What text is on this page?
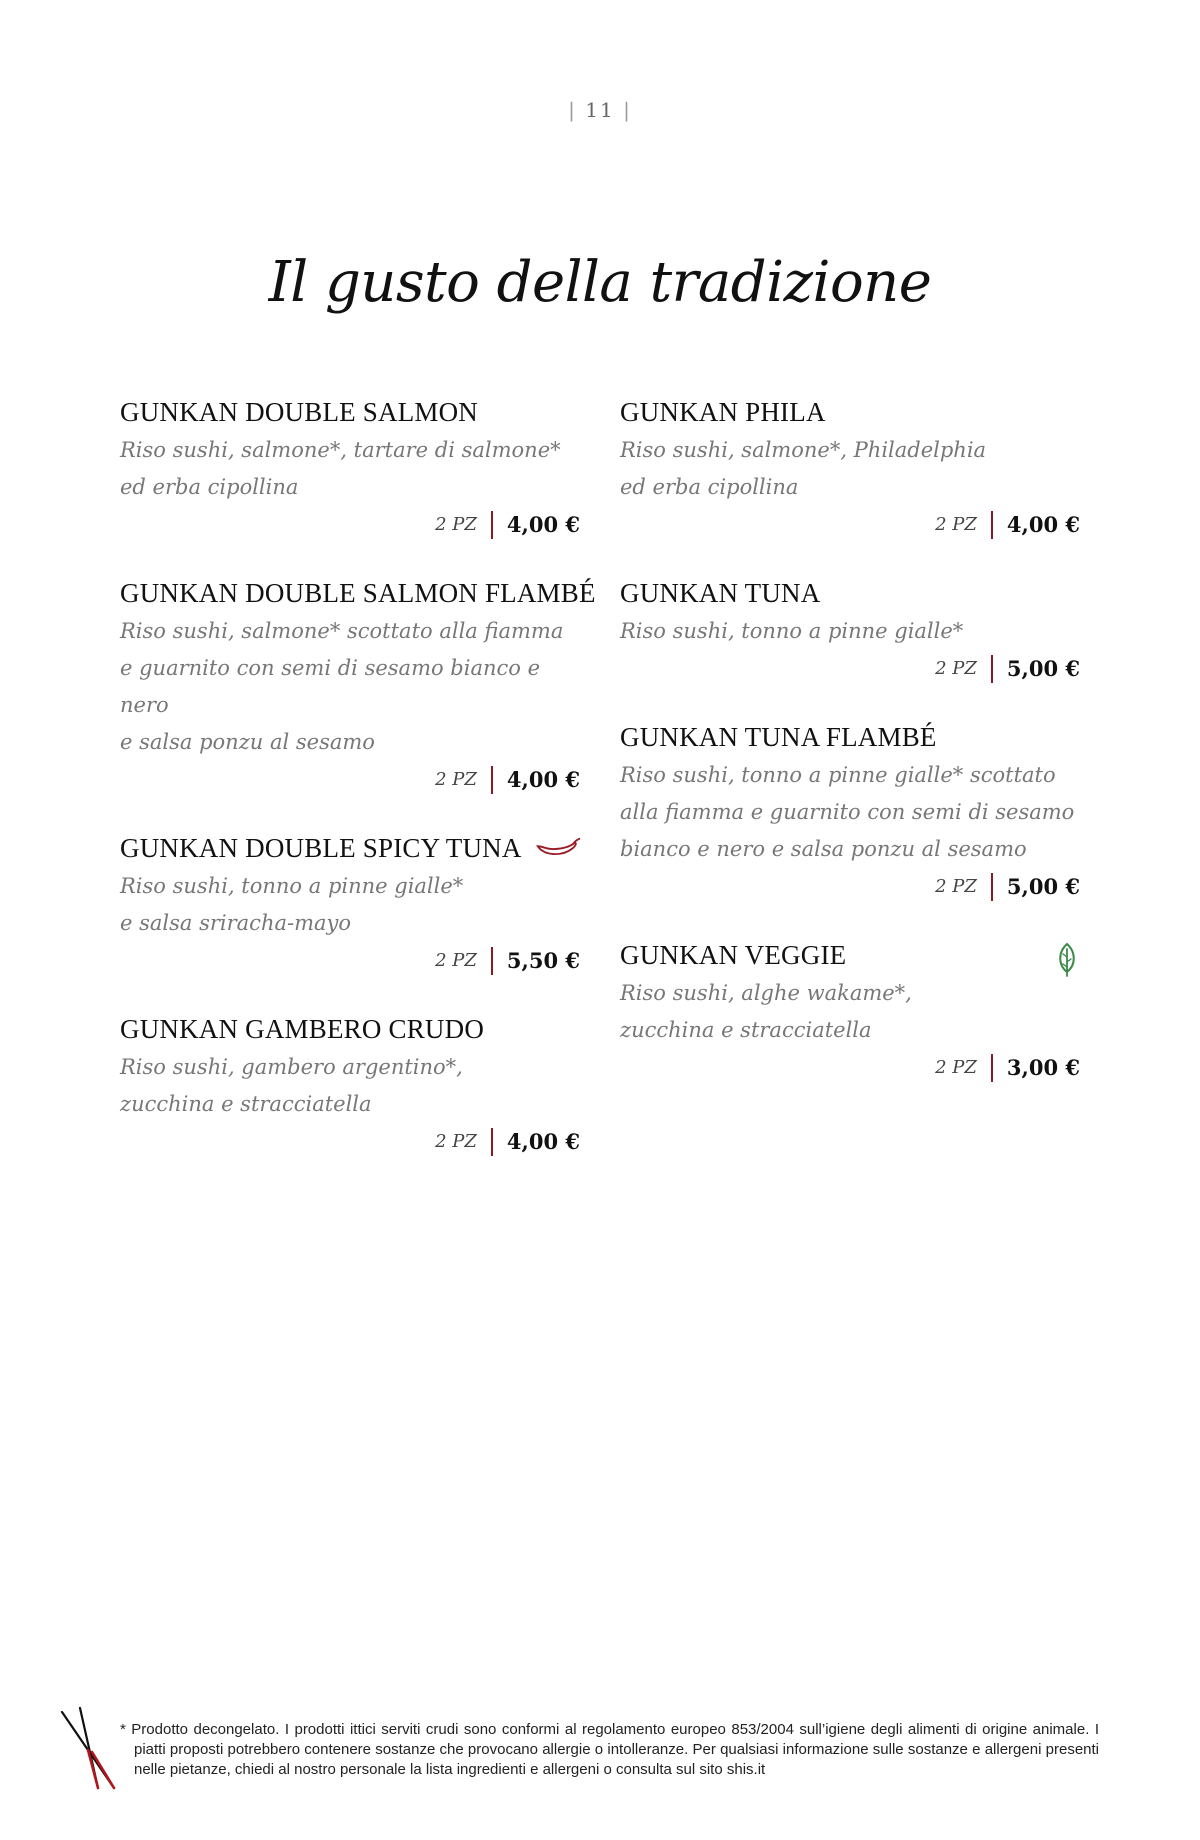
| 11 |
Il gusto della tradizione
GUNKAN DOUBLE SALMON
Riso sushi, salmone*, tartare di salmone*
ed erba cipollina
2 PZ 4,00 €
GUNKAN DOUBLE SALMON FLAMBÉ
Riso sushi, salmone* scottato alla fiamma
e guarnito con semi di sesamo bianco e nero
e salsa ponzu al sesamo
2 PZ 4,00 €
GUNKAN DOUBLE SPICY TUNA
Riso sushi, tonno a pinne gialle*
e salsa sriracha-mayo
2 PZ 5,50 €
GUNKAN GAMBERO CRUDO
Riso sushi, gambero argentino*,
zucchina e stracciatella
2 PZ 4,00 €
GUNKAN PHILA
Riso sushi, salmone*, Philadelphia
ed erba cipollina
2 PZ 4,00 €
GUNKAN TUNA
Riso sushi, tonno a pinne gialle*
2 PZ 5,00 €
GUNKAN TUNA FLAMBÉ
Riso sushi, tonno a pinne gialle* scottato
alla fiamma e guarnito con semi di sesamo
bianco e nero e salsa ponzu al sesamo
2 PZ 5,00 €
GUNKAN VEGGIE
Riso sushi, alghe wakame*,
zucchina e stracciatella
2 PZ 3,00 €
* Prodotto decongelato. I prodotti ittici serviti crudi sono conformi al regolamento europeo 853/2004 sull’igiene degli alimenti di origine animale. I piatti proposti potrebbero contenere sostanze che provocano allergie o intolleranze. Per qualsiasi informazione sulle sostanze e allergeni presenti nelle pietanze, chiedi al nostro personale la lista ingredienti e allergeni o consulta sul sito shis.it
